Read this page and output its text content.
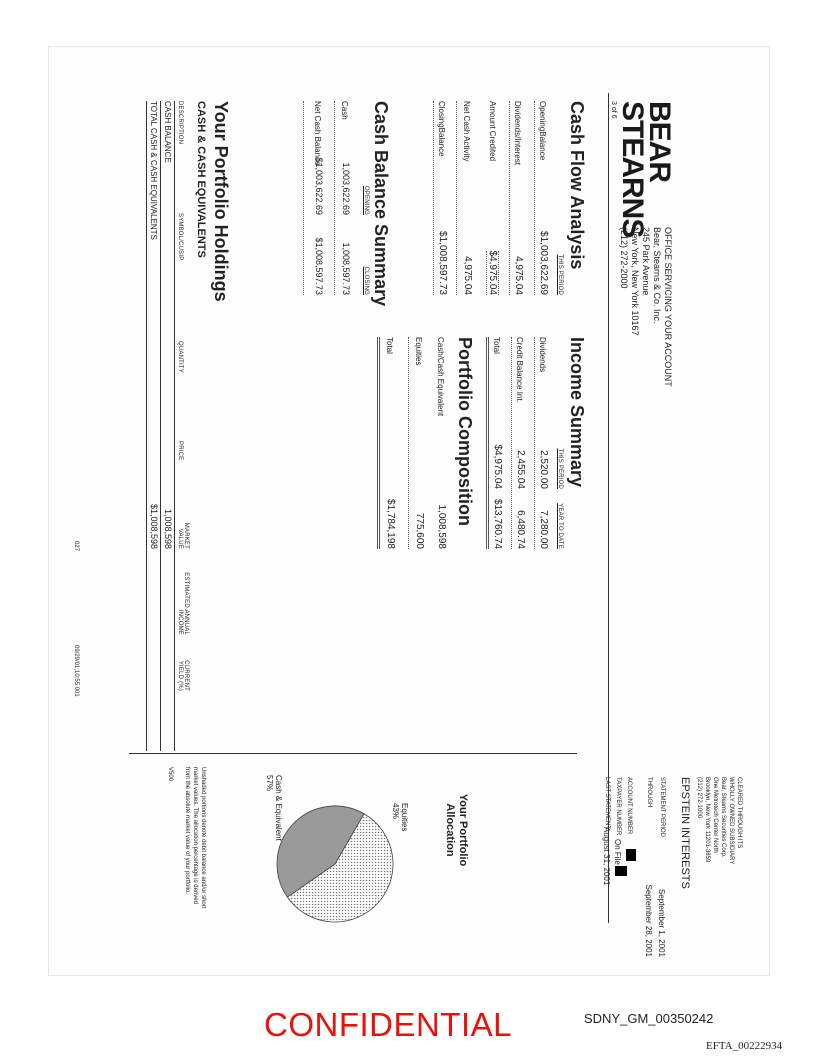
BEAR
STEARNS
3 of 6
OFFICE SERVICING YOUR ACCOUNT
Bear, Stearns & Co. Inc.
245 Park Avenue
New York, New York 10167
(212) 272-2000
CLEARED THROUGH ITS
WHOLLY OWNED SUBSIDIARY
Bear, Stearns Securities Corp.
One Metrotech Center North
Brooklyn, New York 11201-3859
(212) 272-1000
EPSTEIN INTERESTS
STATEMENT PERIOD
September 1, 2001
THROUGH
September 28, 2001
ACCOUNT NUMBER
TAXPAYER NUMBER
On File
LAST STATEMENT
August 31, 2001
Cash Flow Analysis
THIS PERIOD
OpeningBalance
$1,003,622.69
Dividends/Interest
4,975.04
Amount Credited
$4,975.04
Net Cash Activity
4,975.04
ClosingBalance
$1,008,597.73
Cash Balance Summary
OPENING
CLOSING
Cash
1,003,622.69
1,008,597.73
Net Cash Balance
$1,003,622.69
$1,008,597.73
Income Summary
THIS PERIOD
YEAR TO DATE
Dividends
2,520.00
7,280.00
Credit Balance Int.
2,455.04
6,480.74
Total
$4,975.04
$13,760.74
Portfolio Composition
Cash/Cash Equivalent
1,008,598
Equities
775,600
Total
$1,784,198
Your Portfolio
Allocation
Equities
43%
Cash & Equivalent
57%
Unshaded portions denote debit balance and/or short
market values. The allocation percentage is derived
from the absolute market value of your portfolio.
V500
Your Portfolio Holdings
CASH & CASH EQUIVALENTS
DESCRIPTION
SYMBOL/CUSIP
QUANTITY
PRICE
MARKET VALUE
ESTIMATED ANNUAL INCOME
CURRENT YIELD (%)
CASH BALANCE
1,008,598
TOTAL CASH & CASH EQUIVALENTS
$1,008,598
027
09/29/01;10:55 001
CONFIDENTIAL	SDNY_GM_00350242
EFTA_00222934
